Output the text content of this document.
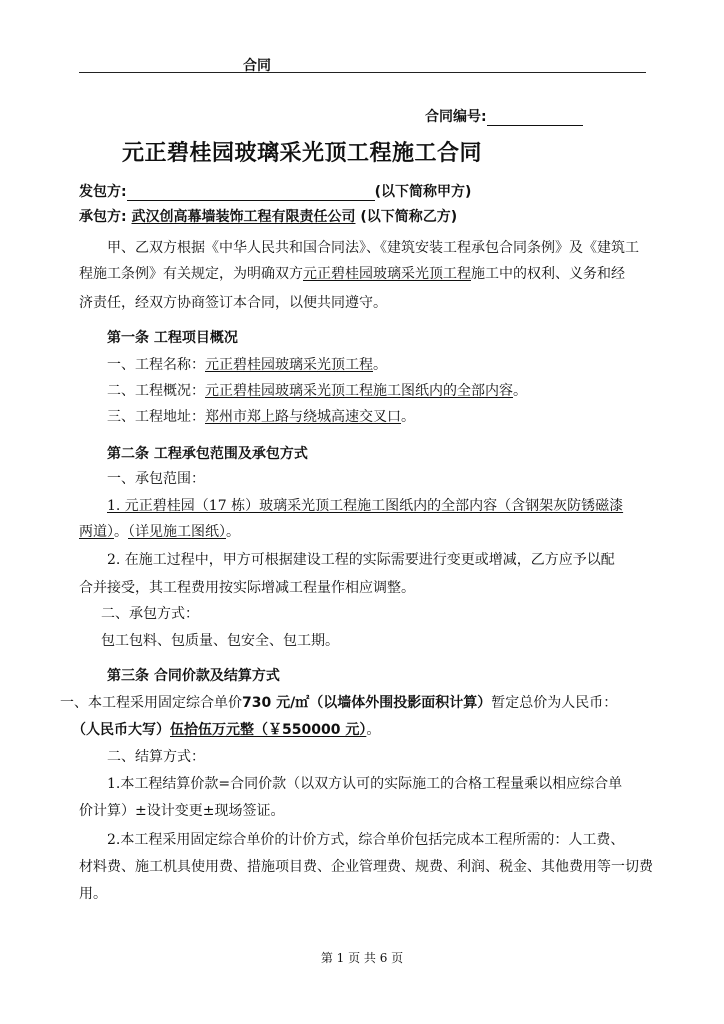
合同
合同编号:
元正碧桂园玻璃采光顶工程施工合同
发包方:	(以下简称甲方)
承包方: 武汉创高幕墙装饰工程有限责任公司 (以下简称乙方)
甲、乙双方根据《中华人民共和国合同法》、《建筑安装工程承包合同条例》及《建筑工
程施工条例》有关规定，为明确双方元正碧桂园玻璃采光顶工程施工中的权利、义务和经
济责任，经双方协商签订本合同，以便共同遵守。
第一条 工程项目概况
一、工程名称：元正碧桂园玻璃采光顶工程。
二、工程概况：元正碧桂园玻璃采光顶工程施工图纸内的全部内容。
三、工程地址：郑州市郑上路与绕城高速交叉口。
第二条 工程承包范围及承包方式
一、承包范围：
1. 元正碧桂园（17 栋）玻璃采光顶工程施工图纸内的全部内容（含钢架灰防锈磁漆
两道）。（详见施工图纸）。
2. 在施工过程中，甲方可根据建设工程的实际需要进行变更或增减，乙方应予以配
合并接受，其工程费用按实际增减工程量作相应调整。
二、承包方式：
包工包料、包质量、包安全、包工期。
第三条 合同价款及结算方式
一、本工程采用固定综合单价730 元/㎡（以墙体外围投影面积计算）暂定总价为人民币：
（人民币大写）伍拾伍万元整（￥550000 元）。
二、结算方式：
1.本工程结算价款=合同价款（以双方认可的实际施工的合格工程量乘以相应综合单
价计算）±设计变更±现场签证。
2.本工程采用固定综合单价的计价方式，综合单价包括完成本工程所需的：人工费、
材料费、施工机具使用费、措施项目费、企业管理费、规费、利润、税金、其他费用等一切费
用。
第 1 页 共 6 页
